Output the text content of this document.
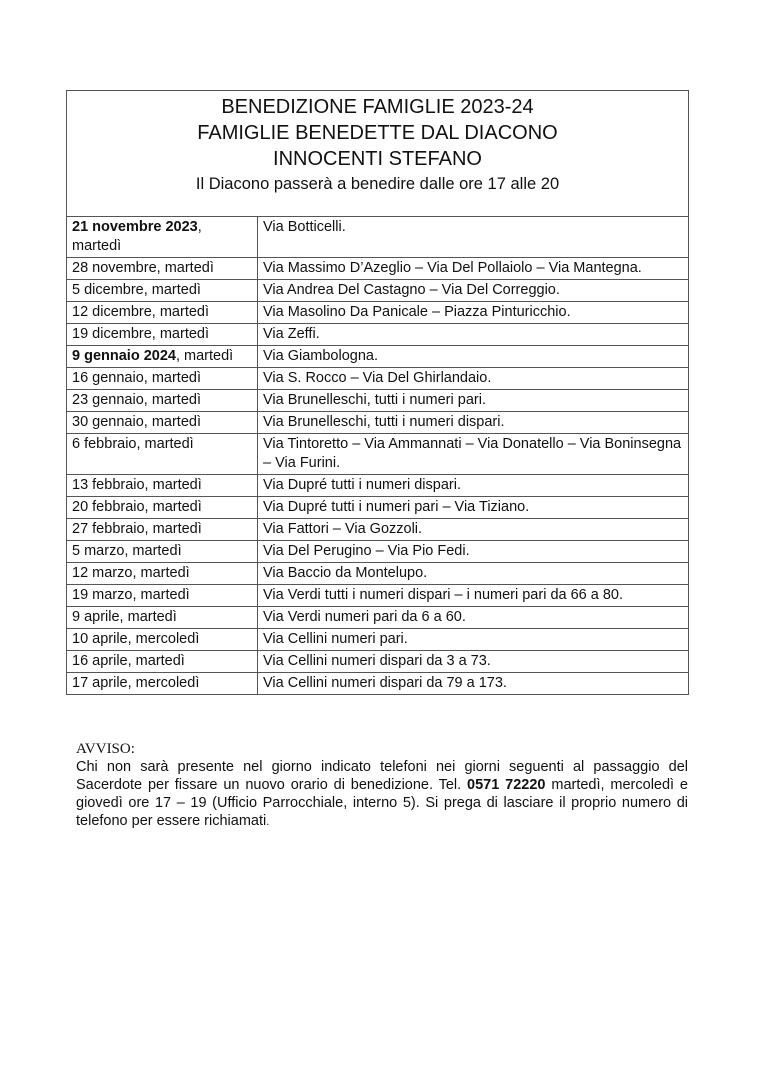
BENEDIZIONE FAMIGLIE 2023-24
FAMIGLIE BENEDETTE DAL DIACONO
INNOCENTI STEFANO
Il Diacono passerà a benedire dalle ore 17 alle 20	

21 novembre 2023, martedì	Via Botticelli.
28 novembre, martedì	Via Massimo D’Azeglio – Via Del Pollaiolo – Via Mantegna.
5 dicembre, martedì	Via Andrea Del Castagno – Via Del Correggio.
12 dicembre, martedì	Via Masolino Da Panicale – Piazza Pinturicchio.
19 dicembre, martedì	Via Zeffi.
9 gennaio 2024, martedì	Via Giambologna.
16 gennaio, martedì	Via S. Rocco – Via Del Ghirlandaio.
23 gennaio, martedì	Via Brunelleschi, tutti i numeri pari.
30 gennaio, martedì	Via Brunelleschi, tutti i numeri dispari.
6 febbraio, martedì	Via Tintoretto – Via Ammannati – Via Donatello – Via Boninsegna – Via Furini.
13 febbraio, martedì	Via Dupré tutti i numeri dispari.
20 febbraio, martedì	Via Dupré tutti i numeri pari – Via Tiziano.
27 febbraio, martedì	Via Fattori – Via Gozzoli.
5 marzo, martedì	Via Del Perugino – Via Pio Fedi.
12 marzo, martedì	Via Baccio da Montelupo.
19 marzo, martedì	Via Verdi tutti i numeri dispari – i numeri pari da 66 a 80.
9 aprile, martedì	Via Verdi numeri pari da 6 a 60.
10 aprile, mercoledì	Via Cellini numeri pari.
16 aprile, martedì	Via Cellini numeri dispari da 3 a 73.
17 aprile, mercoledì	Via Cellini numeri dispari da 79 a 173.
AVVISO:
Chi non sarà presente nel giorno indicato telefoni nei giorni seguenti al passaggio del Sacerdote per fissare un nuovo orario di benedizione. Tel. 0571 72220 martedì, mercoledì e giovedì ore 17 – 19 (Ufficio Parrocchiale, interno 5). Si prega di lasciare il proprio numero di telefono per essere richiamati.
